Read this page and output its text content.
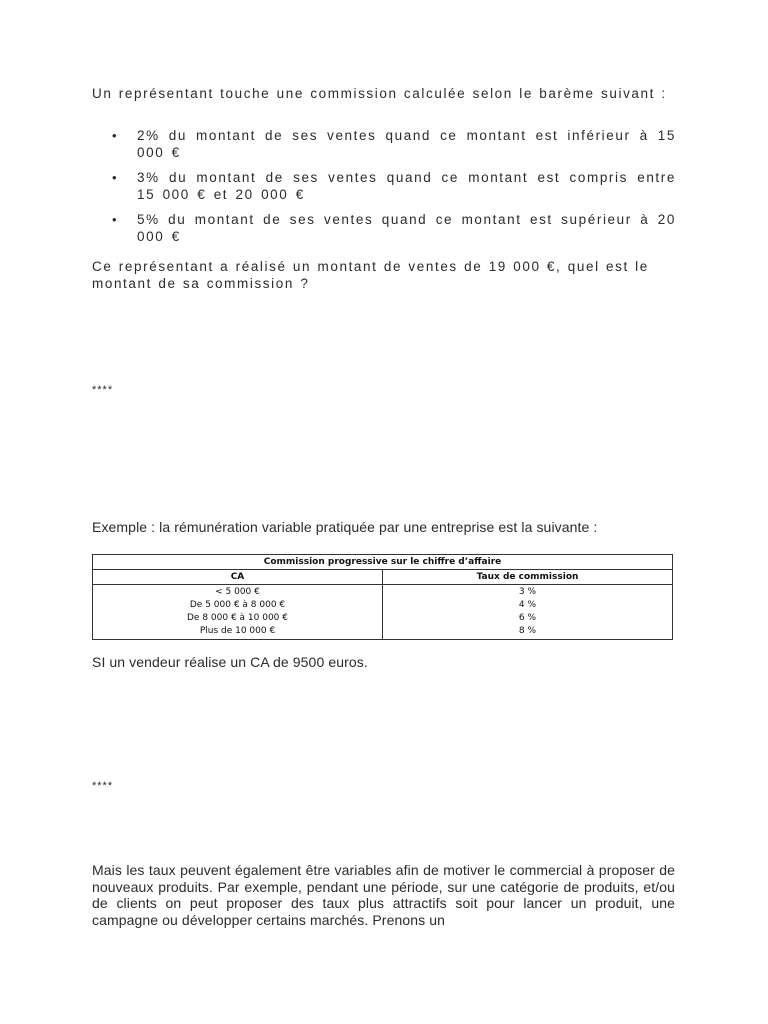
Un représentant touche une commission calculée selon le barème suivant :
• 2% du montant de ses ventes quand ce montant est inférieur à 15 000 €
• 3% du montant de ses ventes quand ce montant est compris entre 15 000 € et 20 000 €
• 5% du montant de ses ventes quand ce montant est supérieur à 20 000 €
Ce représentant a réalisé un montant de ventes de 19 000 €, quel est le montant de sa commission ?
****
Exemple : la rémunération variable pratiquée par une entreprise est la suivante :
Commission progressive sur le chiffre d’affaire
CA	Taux de commission
< 5 000 €	3 %
De 5 000 € à 8 000 €	4 %
De 8 000 € à 10 000 €	6 %
Plus de 10 000 €	8 %
SI un vendeur réalise un CA de 9500 euros.
****
Mais les taux peuvent également être variables afin de motiver le commercial à proposer de nouveaux produits. Par exemple, pendant une période, sur une catégorie de produits, et/ou de clients on peut proposer des taux plus attractifs soit pour lancer un produit, une campagne ou développer certains marchés. Prenons un
